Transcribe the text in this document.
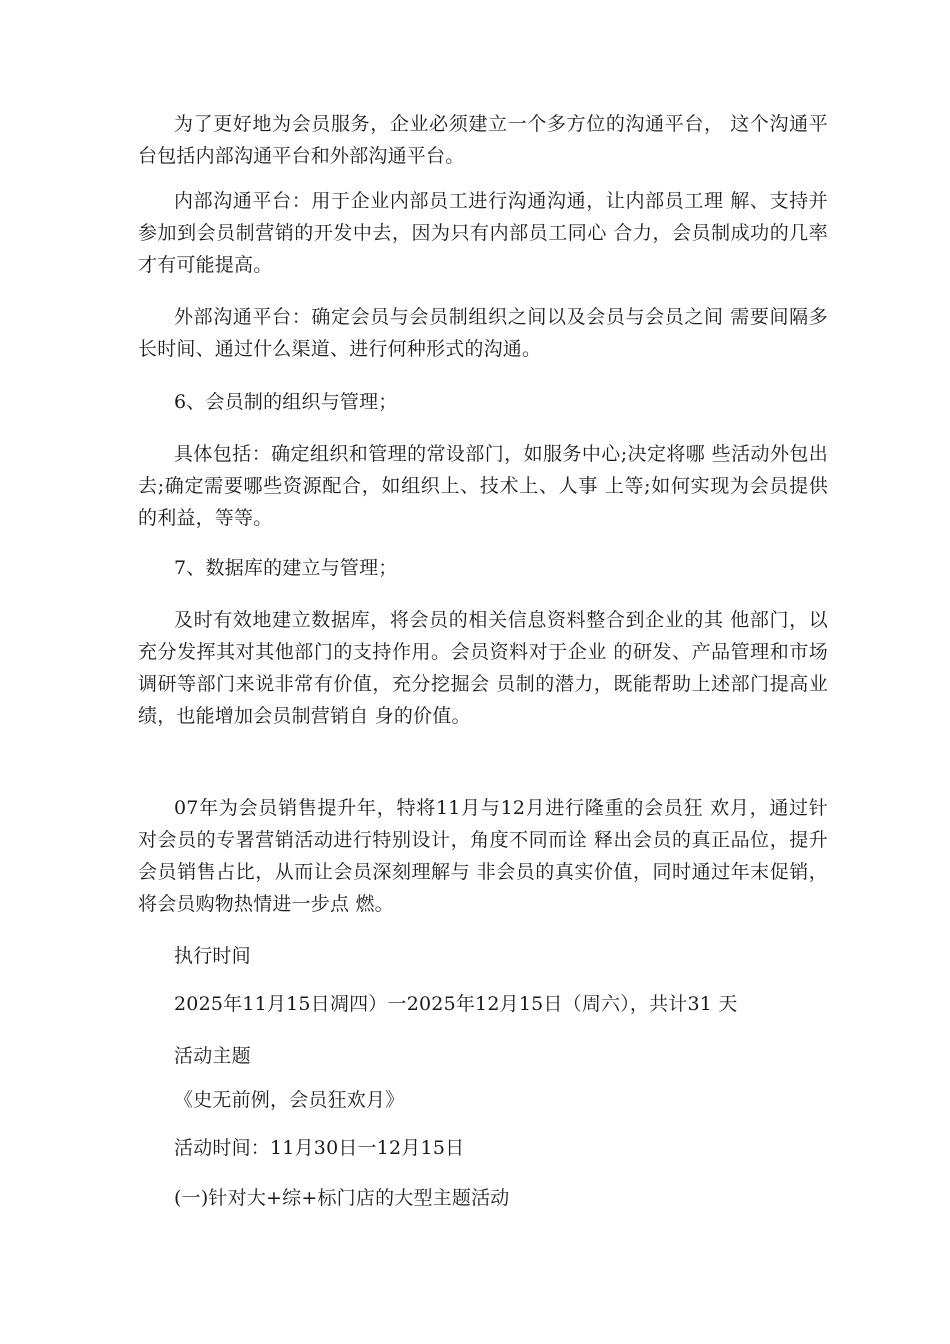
为了更好地为会员服务，企业必须建立一个多方位的沟通平台， 这个沟通平台包括内部沟通平台和外部沟通平台。

内部沟通平台：用于企业内部员工进行沟通沟通，让内部员工理 解、支持并参加到会员制营销的开发中去，因为只有内部员工同心 合力，会员制成功的几率才有可能提高。

外部沟通平台：确定会员与会员制组织之间以及会员与会员之间 需要间隔多长时间、通过什么渠道、进行何种形式的沟通。

6、会员制的组织与管理；

具体包括：确定组织和管理的常设部门，如服务中心;决定将哪 些活动外包出去;确定需要哪些资源配合，如组织上、技术上、人事 上等;如何实现为会员提供的利益，等等。

7、数据库的建立与管理；

及时有效地建立数据库，将会员的相关信息资料整合到企业的其 他部门，以充分发挥其对其他部门的支持作用。会员资料对于企业 的研发、产品管理和市场调研等部门来说非常有价值，充分挖掘会 员制的潜力，既能帮助上述部门提高业绩，也能增加会员制营销自 身的价值。

07年为会员销售提升年，特将11月与12月进行隆重的会员狂 欢月，通过针对会员的专署营销活动进行特别设计，角度不同而诠 释出会员的真正品位，提升会员销售占比，从而让会员深刻理解与 非会员的真实价值，同时通过年末促销，将会员购物热情进一步点 燃。

执行时间

2025年11月15日凋四）一2025年12月15日（周六），共计31 天

活动主题

《史无前例，会员狂欢月》

活动时间：11月30日一12月15日

(一)针对大+综+标门店的大型主题活动
